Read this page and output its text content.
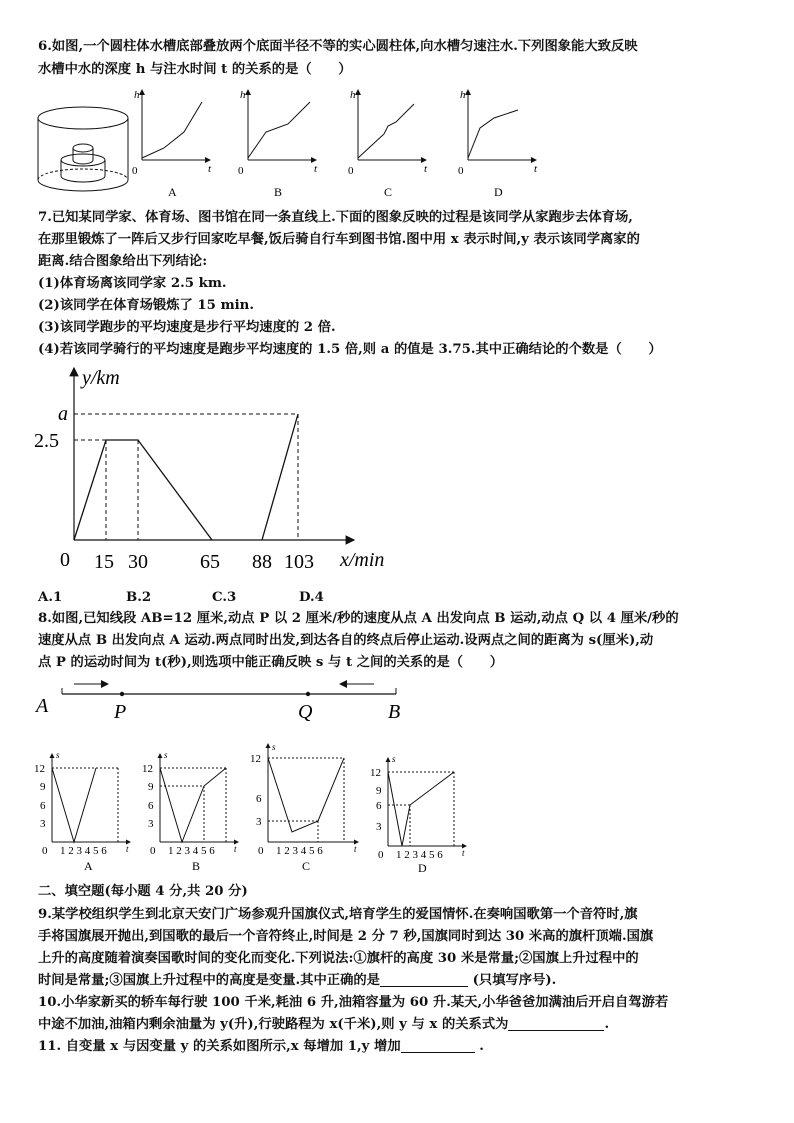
6.如图,一个圆柱体水槽底部叠放两个底面半径不等的实心圆柱体,向水槽匀速注水.下列图象能大致反映
水槽中水的深度 h 与注水时间 t 的关系的是（　　）
h
t
0
A
h
t
0
B
h
t
0
C
h
t
0
D
7.已知某同学家、体育场、图书馆在同一条直线上.下面的图象反映的过程是该同学从家跑步去体育场,
在那里锻炼了一阵后又步行回家吃早餐,饭后骑自行车到图书馆.图中用 x 表示时间,y 表示该同学离家的
距离.结合图象给出下列结论:
(1)体育场离该同学家 2.5 km.
(2)该同学在体育场锻炼了 15 min.
(3)该同学跑步的平均速度是步行平均速度的 2 倍.
(4)若该同学骑行的平均速度是跑步平均速度的 1.5 倍,则 a 的值是 3.75.其中正确结论的个数是（　　）
y/km
x/min
a
2.5
0 15 30	65 88 103
A.1	B.2	C.3	D.4
8.如图,已知线段 AB=12 厘米,动点 P 以 2 厘米/秒的速度从点 A 出发向点 B 运动,动点 Q 以 4 厘米/秒的
速度从点 B 出发向点 A 运动.两点同时出发,到达各自的终点后停止运动.设两点之间的距离为 s(厘米),动
点 P 的运动时间为 t(秒),则选项中能正确反映 s 与 t 之间的关系的是（　　）
A	P	Q	B
s
t
12
9
6
3
0 1 2 3 4 5 6
A
s
t
12
9
6
3
0 1 2 3 4 5 6
B
s
t
12
6
3
0 1 2 3 4 5 6
C
s
t
12
9
6
3
0 1 2 3 4 5 6
D
二、填空题(每小题 4 分,共 20 分)
9.某学校组织学生到北京天安门广场参观升国旗仪式,培育学生的爱国情怀.在奏响国歌第一个音符时,旗
手将国旗展开抛出,到国歌的最后一个音符终止,时间是 2 分 7 秒,国旗同时到达 30 米高的旗杆顶端.国旗
上升的高度随着演奏国歌时间的变化而变化.下列说法:①旗杆的高度 30 米是常量;②国旗上升过程中的
时间是常量;③国旗上升过程中的高度是变量.其中正确的是	(只填写序号).
10.小华家新买的轿车每行驶 100 千米,耗油 6 升,油箱容量为 60 升.某天,小华爸爸加满油后开启自驾游若
中途不加油,油箱内剩余油量为 y(升),行驶路程为 x(千米),则 y 与 x 的关系式为	.
11. 自变量 x 与因变量 y 的关系如图所示,x 每增加 1,y 增加	.
